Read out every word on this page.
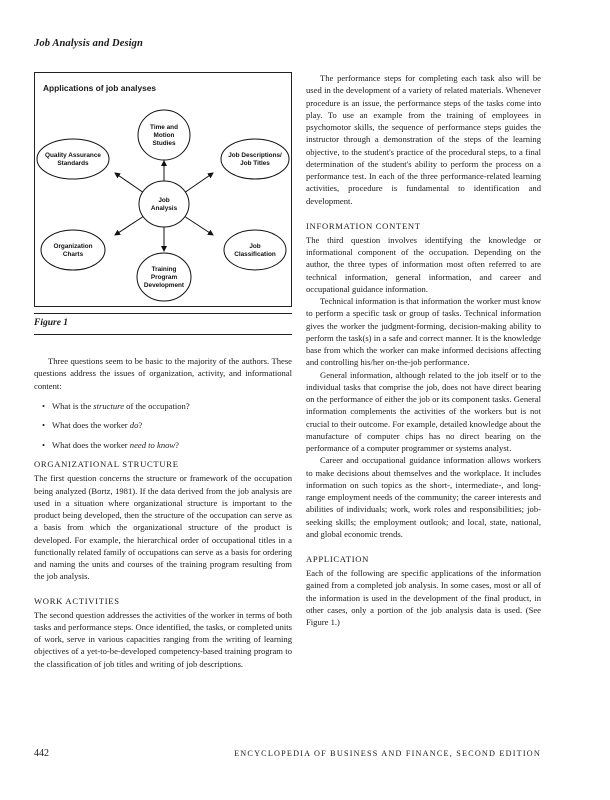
Job Analysis and Design
Applications of job analyses
Job
Analysis
Time and
Motion
Studies
Job Descriptions/
Job Titles
Job
Classification
Training
Program
Development
Organization
Charts
Quality Assurance
Standards
Figure 1

Three questions seem to be basic to the majority of the authors. These questions address the issues of organization, activity, and informational content:

• What is the structure of the occupation?
• What does the worker do?
• What does the worker need to know?
ORGANIZATIONAL STRUCTURE

The first question concerns the structure or framework of the occupation being analyzed (Bortz, 1981). If the data derived from the job analysis are used in a situation where organizational structure is important to the product being developed, then the structure of the occupation can serve as a basis from which the organizational structure of the product is developed. For example, the hierarchical order of occupational titles in a functionally related family of occupations can serve as a basis for ordering and naming the units and courses of the training program resulting from the job analysis.

WORK ACTIVITIES

The second question addresses the activities of the worker in terms of both tasks and performance steps. Once identified, the tasks, or completed units of work, serve in various capacities ranging from the writing of learning objectives of a yet-to-be-developed competency-based training program to the classification of job titles and writing of job descriptions.

The performance steps for completing each task also will be used in the development of a variety of related materials. Whenever procedure is an issue, the performance steps of the tasks come into play. To use an example from the training of employees in psychomotor skills, the sequence of performance steps guides the instructor through a demonstration of the steps of the learning objective, to the student's practice of the procedural steps, to a final determination of the student's ability to perform the process on a performance test. In each of the three performance-related learning activities, procedure is fundamental to identification and development.

INFORMATION CONTENT

The third question involves identifying the knowledge or informational component of the occupation. Depending on the author, the three types of information most often referred to are technical information, general information, and career and occupational guidance information.

Technical information is that information the worker must know to perform a specific task or group of tasks. Technical information gives the worker the judgment-forming, decision-making ability to perform the task(s) in a safe and correct manner. It is the knowledge base from which the worker can make informed decisions affecting and controlling his/her on-the-job performance.

General information, although related to the job itself or to the individual tasks that comprise the job, does not have direct bearing on the performance of either the job or its component tasks. General information complements the activities of the workers but is not crucial to their outcome. For example, detailed knowledge about the manufacture of computer chips has no direct bearing on the performance of a computer programmer or systems analyst.

Career and occupational guidance information allows workers to make decisions about themselves and the workplace. It includes information on such topics as the short-, intermediate-, and long-range employment needs of the community; the career interests and abilities of individuals; work, work roles and responsibilities; job-seeking skills; the employment outlook; and local, state, national, and global economic trends.

APPLICATION

Each of the following are specific applications of the information gained from a completed job analysis. In some cases, most or all of the information is used in the development of the final product, in other cases, only a portion of the job analysis data is used. (See Figure 1.)

442	ENCYCLOPEDIA OF BUSINESS AND FINANCE, SECOND EDITION
